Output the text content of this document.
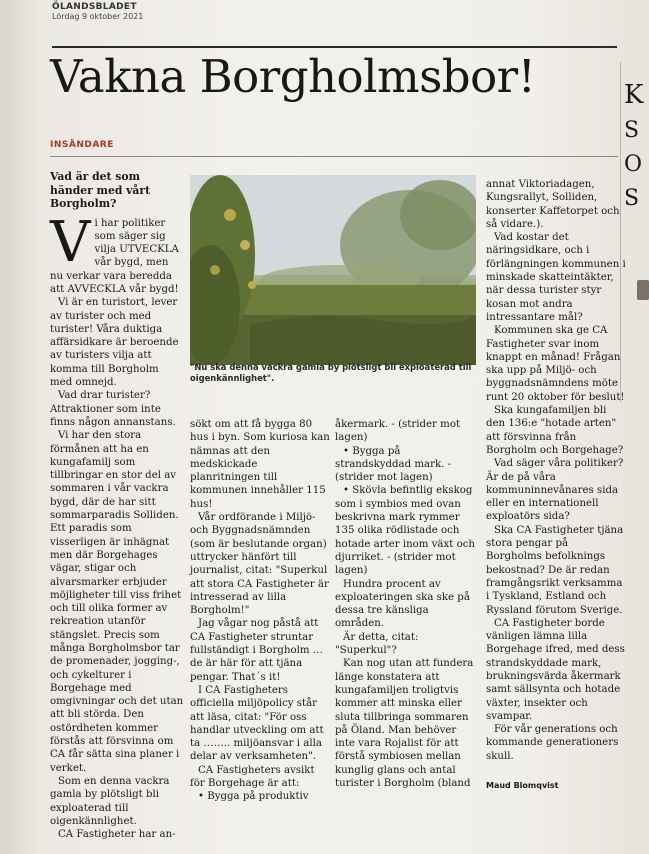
ÖLANDSBLADET
Lördag 9 oktober 2021
Vakna Borgholmsbor!
INSÄNDARE

Vad är det som händer med vårt Borgholm?

Vi har politiker som säger sig vilja UTVECKLA vår bygd, men nu verkar vara beredda att AVVECKLA vår bygd!

Vi är en turistort, lever av turister och med turister! Våra duktiga affärsidkare är beroende av turisters vilja att komma till Borgholm med omnejd.

Vad drar turister? Attraktioner som inte finns någon annanstans.

Vi har den stora förmånen att ha en kungafamilj som tillbringar en stor del av sommaren i vår vackra bygd, där de har sitt sommarparadis Solliden. Ett paradis som visserligen är inhägnat men där Borgehages vägar, stigar och alvarsmarker erbjuder möjligheter till viss frihet och till olika former av rekreation utanför stängslet. Precis som många Borgholmsbor tar de promenader, jogging-, och cykelturer i Borgehage med omgivningar och det utan att bli störda. Den ostördheten kommer förstås att försvinna om CA får sätta sina planer i verket.

Som en denna vackra gamla by plötsligt bli exploaterad till oigenkännlighet.

CA Fastigheter har an-

"Nu ska denna vackra gamla by plötsligt bli exploaterad till oigenkännlighet".

sökt om att få bygga 80 hus i byn. Som kuriosa kan nämnas att den medskickade planritningen till kommunen innehåller 115 hus!

Vår ordförande i Miljö- och Byggnadsnämnden (som är beslutande organ) uttrycker hänfört till journalist, citat: "Superkul att stora CA Fastigheter är intresserad av lilla Borgholm!"

Jag vågar nog påstå att CA Fastigheter struntar fullständigt i Borgholm … de är här för att tjäna pengar. That´s it!

I CA Fastigheters officiella miljöpolicy står att läsa, citat: "För oss handlar utveckling om att ta …….. miljöansvar i alla delar av verksamheten".

CA Fastigheters avsikt för Borgehage är att:

• Bygga på produktiv

åkermark. - (strider mot lagen)

• Bygga på strandskyddad mark. - (strider mot lagen)

• Skövla befintlig ekskog som i symbios med ovan beskrivna mark rymmer 135 olika rödlistade och hotade arter inom växt och djurriket. - (strider mot lagen)

Hundra procent av exploateringen ska ske på dessa tre känsliga områden.

Är detta, citat: "Superkul"?

Kan nog utan att fundera länge konstatera att kungafamiljen troligtvis kommer att minska eller sluta tillbringa sommaren på Öland. Man behöver inte vara Rojalist för att förstå symbiosen mellan kunglig glans och antal turister i Borgholm (bland

annat Viktoriadagen, Kungsrallyt, Solliden, konserter Kaffetorpet och så vidare.).

Vad kostar det näringsidkare, och i förlängningen kommunen i minskade skatteintäkter, när dessa turister styr kosan mot andra intressantare mål?

Kommunen ska ge CA Fastigheter svar inom knappt en månad! Frågan ska upp på Miljö- och byggnadsnämndens möte runt 20 oktober för beslut!

Ska kungafamiljen bli den 136:e "hotade arten" att försvinna från Borgholm och Borgehage?

Vad säger våra politiker? Är de på våra kommuninnevånares sida eller en internationell exploatörs sida?

Ska CA Fastigheter tjäna stora pengar på Borgholms befolknings bekostnad? De är redan framgångsrikt verksamma i Tyskland, Estland och Ryssland förutom Sverige.

CA Fastigheter borde vänligen lämna lilla Borgehage ifred, med dess strandskyddade mark, brukningsvärda åkermark samt sällsynta och hotade växter, insekter och svampar.

För vår generations och kommande generationers skull.

Maud Blomqvist

K
S
O
S
